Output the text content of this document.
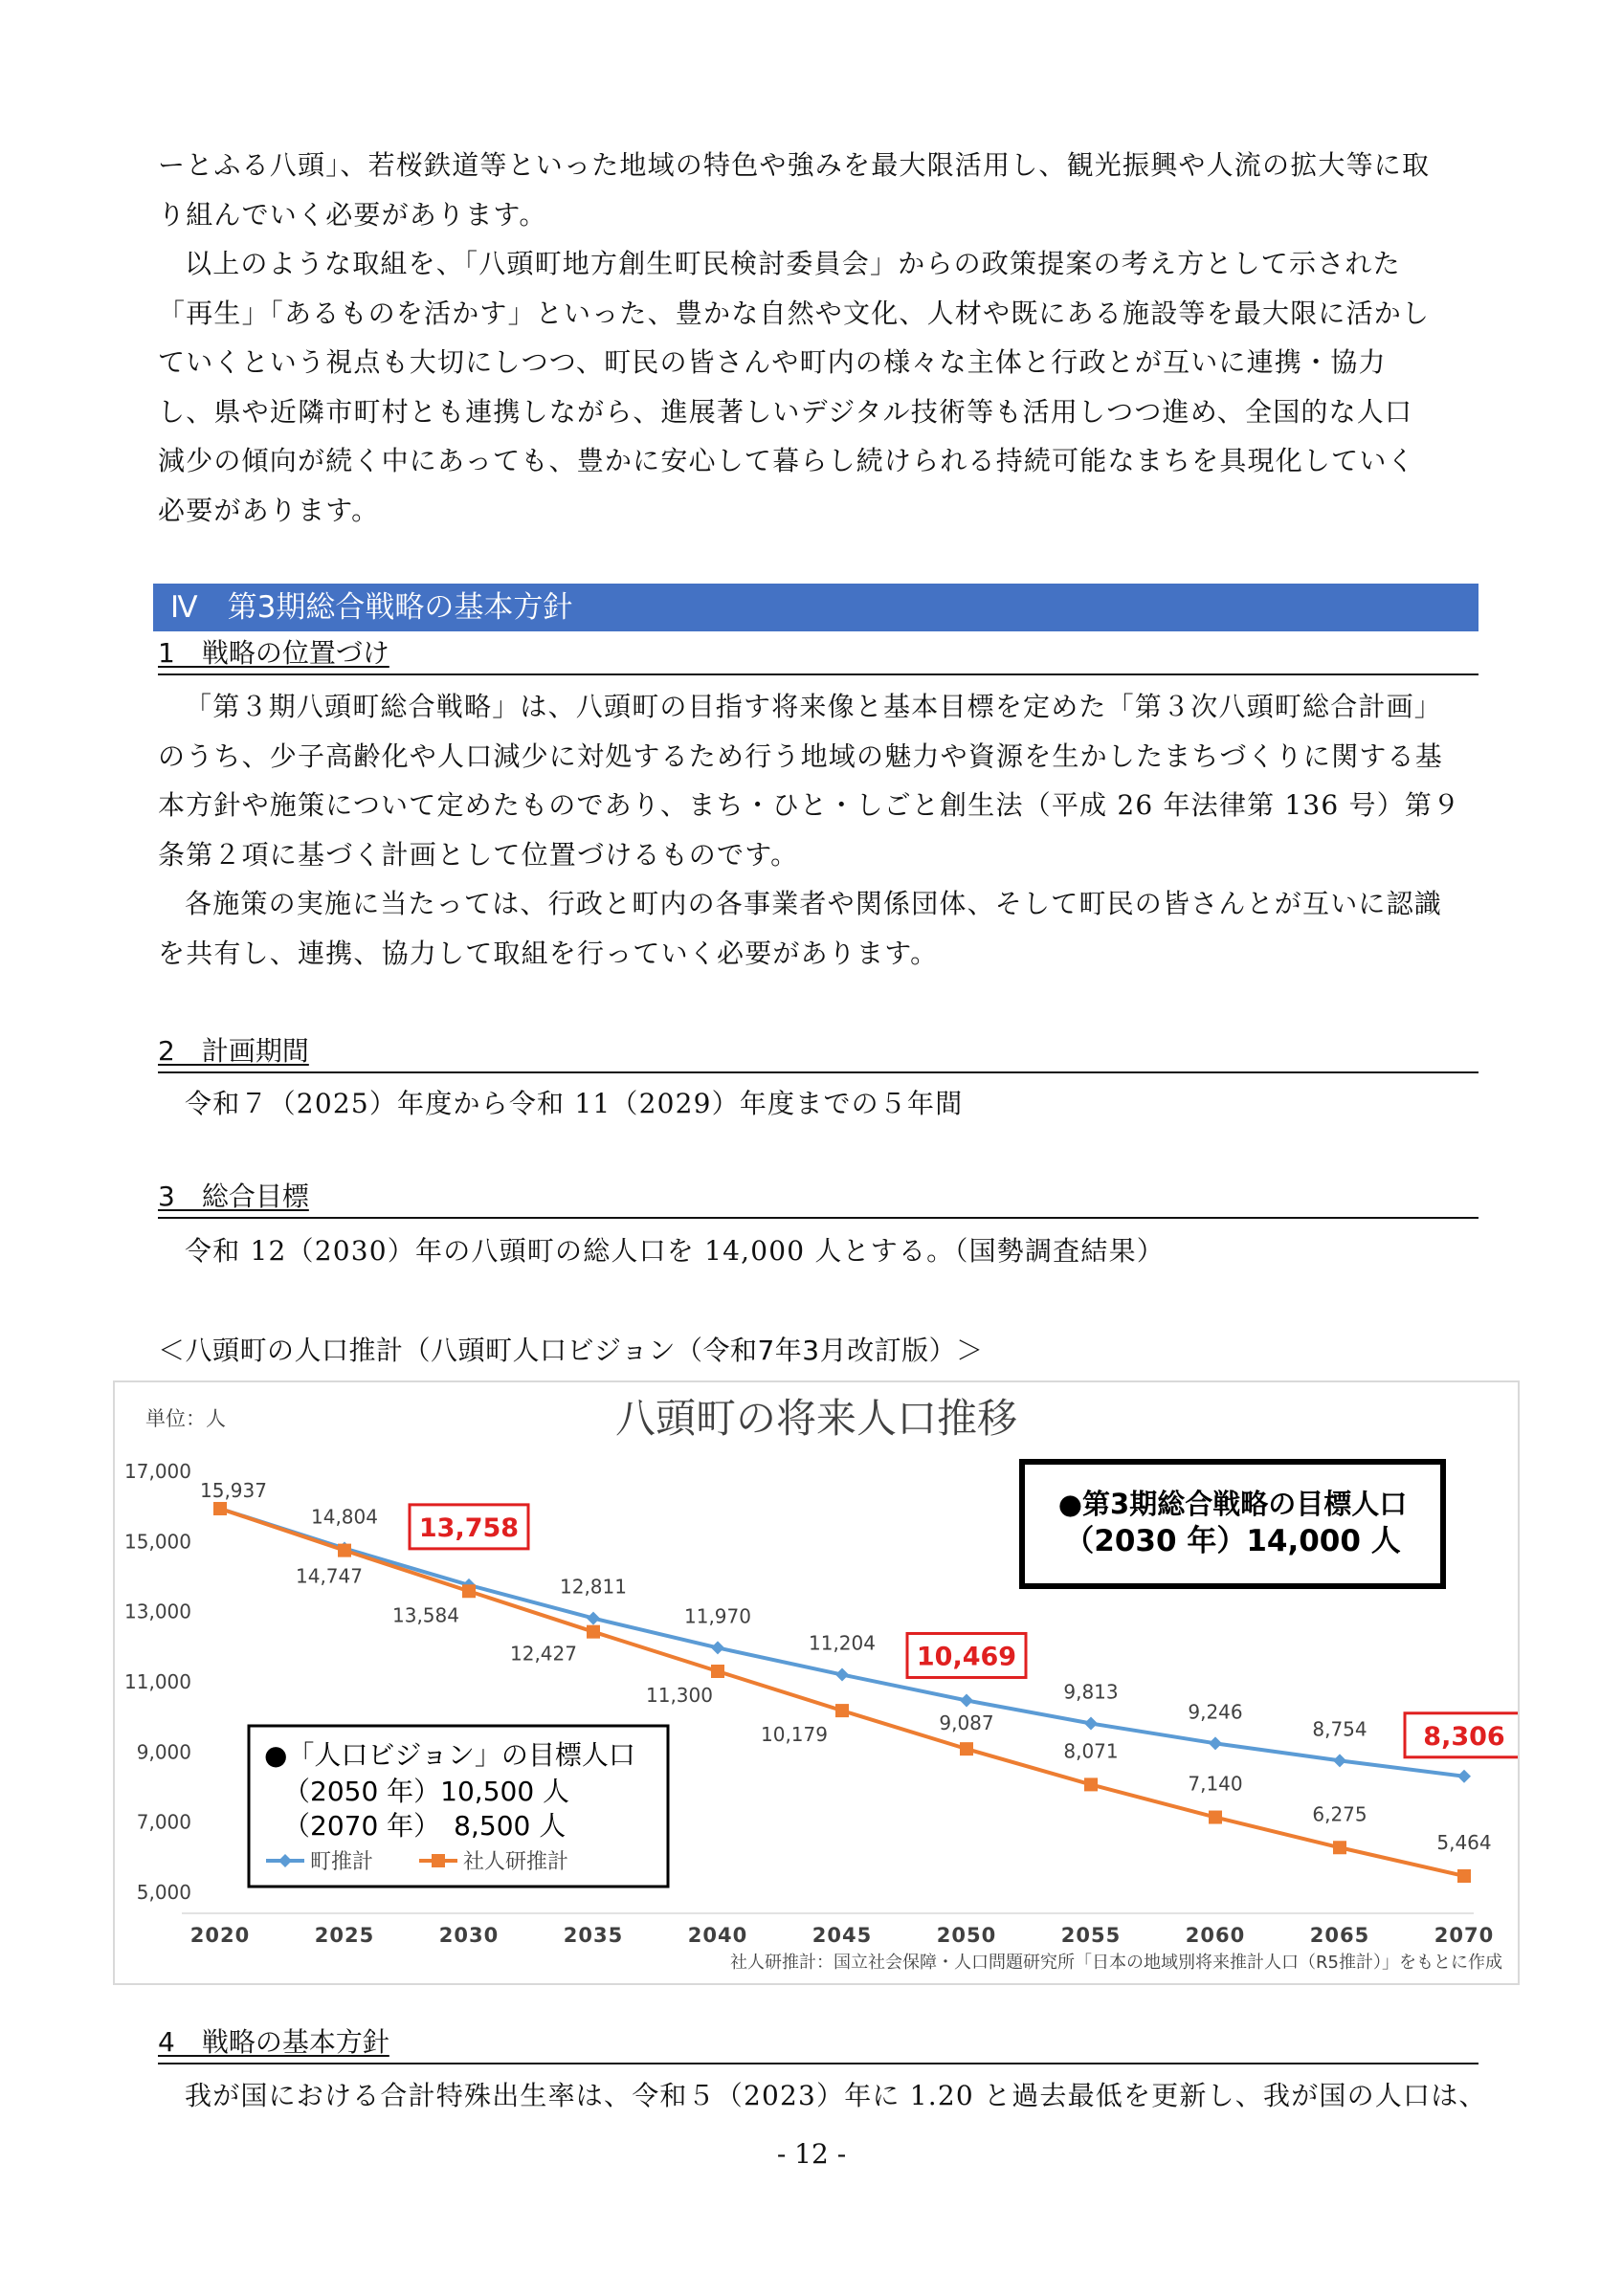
ーとふる八頭」、若桜鉄道等といった地域の特色や強みを最大限活用し、観光振興や人流の拡大等に取
り組んでいく必要があります。
以上のような取組を、「八頭町地方創生町民検討委員会」からの政策提案の考え方として示された
「再生」「あるものを活かす」といった、豊かな自然や文化、人材や既にある施設等を最大限に活かし
ていくという視点も大切にしつつ、町民の皆さんや町内の様々な主体と行政とが互いに連携・協力
し、県や近隣市町村とも連携しながら、進展著しいデジタル技術等も活用しつつ進め、全国的な人口
減少の傾向が続く中にあっても、豊かに安心して暮らし続けられる持続可能なまちを具現化していく
必要があります。
Ⅳ　第3期総合戦略の基本方針
1　戦略の位置づけ
「第３期八頭町総合戦略」は、八頭町の目指す将来像と基本目標を定めた「第３次八頭町総合計画」
のうち、少子高齢化や人口減少に対処するため行う地域の魅力や資源を生かしたまちづくりに関する基
本方針や施策について定めたものであり、まち・ひと・しごと創生法（平成 26 年法律第 136 号）第９
条第２項に基づく計画として位置づけるものです。
各施策の実施に当たっては、行政と町内の各事業者や関係団体、そして町民の皆さんとが互いに認識
を共有し、連携、協力して取組を行っていく必要があります。
2　計画期間
令和７（2025）年度から令和 11（2029）年度までの５年間
3　総合目標
令和 12（2030）年の八頭町の総人口を 14,000 人とする。（国勢調査結果）
＜八頭町の人口推計（八頭町人口ビジョン（令和7年3月改訂版）＞
単位：人	八頭町の将来人口推移
5,000
7,000
9,000
11,000
13,000
15,000
17,000
2020	2025	2030	2035	2040	2045	2050	2055	2060	2065	2070
15,937
14,804 13,758
12,811
11,970
11,204 10,469
9,813
9,246
8,754 8,306
14,747
13,584
12,427
11,300
10,179	9,087
8,071
7,140
6,275
5,464
●第3期総合戦略の目標人口
（2030 年）14,000 人
●「人口ビジョン」の目標人口
（2050 年）10,500 人
（2070 年）　8,500 人
町推計	社人研推計
社人研推計：国立社会保障・人口問題研究所「日本の地域別将来推計人口（R5推計）」をもとに作成
4　戦略の基本方針
我が国における合計特殊出生率は、令和５（2023）年に 1.20 と過去最低を更新し、我が国の人口は、
- 12 -
